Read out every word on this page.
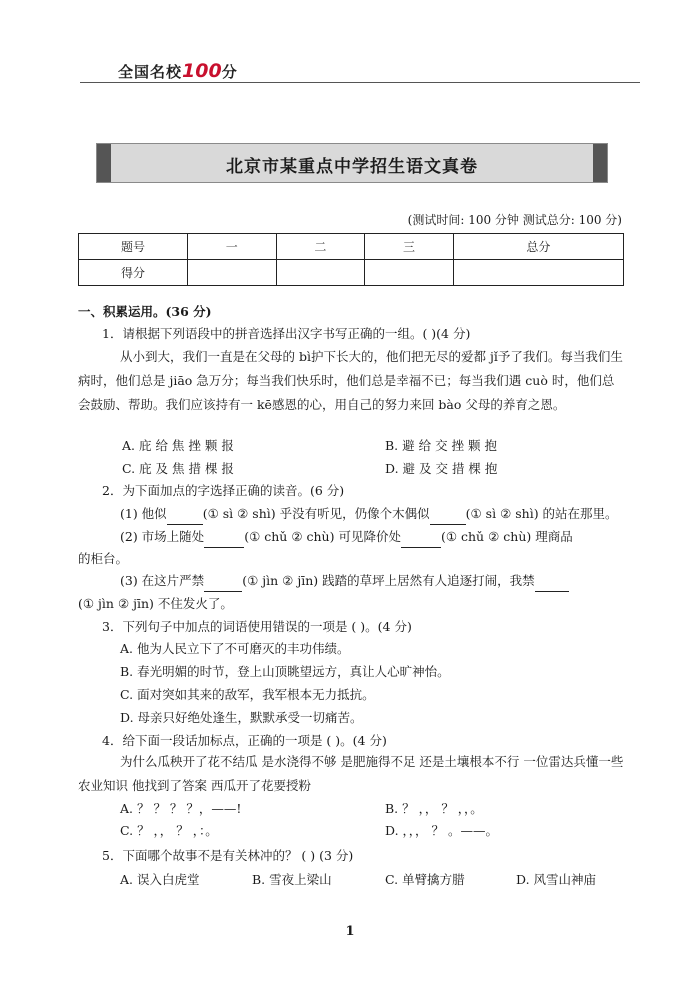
全国名校100分
北京市某重点中学招生语文真卷
(测试时间: 100 分钟 测试总分: 100 分)
题号	一	二	三	总分
得分				
一、积累运用。(36 分)
1．请根据下列语段中的拼音选择出汉字书写正确的一组。( )(4 分)
从小到大，我们一直是在父母的 bì护下长大的，他们把无尽的爱都 jǐ予了我们。每当我们生病时，他们总是 jiāo 急万分；每当我们快乐时，他们总是幸福不已；每当我们遇 cuò 时，他们总会鼓励、帮助。我们应该持有一 kē感恩的心，用自己的努力来回 bào 父母的养育之恩。
A. 庇 给 焦 挫 颗 报	B. 避 给 交 挫 颗 抱
C. 庇 及 焦 措 棵 报	D. 避 及 交 措 棵 抱
2．为下面加点的字选择正确的读音。(6 分)
(1) 他似	(① sì ② shì) 乎没有听见，仍像个木偶似	(① sì ② shì) 的站在那里。
(2) 市场上随处	(① chǔ ② chù) 可见降价处	(① chǔ ② chù) 理商品
的柜台。
(3) 在这片严禁	(① jìn ② jīn) 践踏的草坪上居然有人追逐打闹，我禁
(① jìn ② jīn) 不住发火了。
3．下列句子中加点的词语使用错误的一项是 ( )。(4 分)
A. 他为人民立下了不可磨灭的丰功伟绩。
B. 春光明媚的时节，登上山顶眺望远方，真让人心旷神怡。
C. 面对突如其来的敌军，我军根本无力抵抗。
D. 母亲只好绝处逢生，默默承受一切痛苦。
4．给下面一段话加标点，正确的一项是 ( )。(4 分)
为什么瓜秧开了花不结瓜 是水浇得不够 是肥施得不足 还是土壤根本不行 一位雷达兵懂一些农业知识 他找到了答案 西瓜开了花要授粉
A. ？ ？ ？ ？，——!	B. ？ ，， ？ ，，。
C. ？ ，， ？ ，：。	D. ，，， ？ 。——。
5．下面哪个故事不是有关林冲的？ ( ) (3 分)
A. 误入白虎堂	B. 雪夜上梁山	C. 单臂擒方腊	D. 风雪山神庙
1
